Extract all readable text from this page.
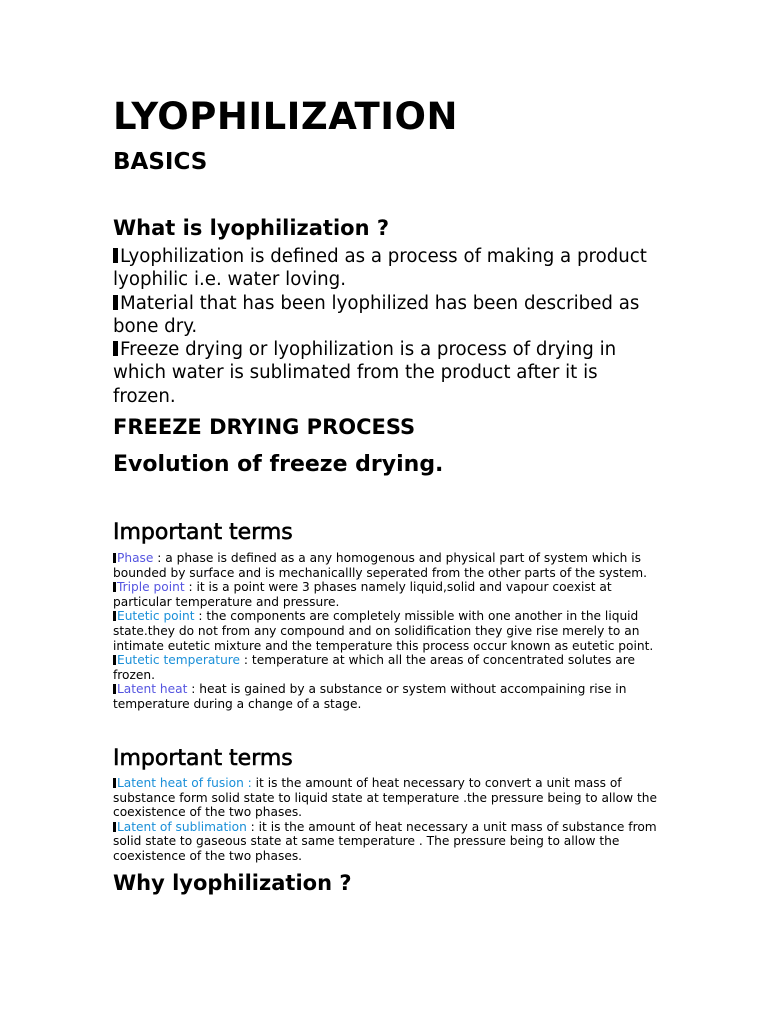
LYOPHILIZATION
BASICS
What is lyophilization ?

Lyophilization is defined as a process of making a product lyophilic i.e. water loving.

Material that has been lyophilized has been described as bone dry.

Freeze drying or lyophilization is a process of drying in which water is sublimated from the product after it is frozen.

FREEZE DRYING PROCESS
Evolution of freeze drying.
Important terms

Phase : a phase is defined as a any homogenous and physical part of system which is bounded by surface and is mechanicallly seperated from the other parts of the system.

Triple point : it is a point were 3 phases namely liquid,solid and vapour coexist at particular temperature and pressure.

Eutetic point : the components are completely missible with one another in the liquid state.they do not from any compound and on solidification they give rise merely to an intimate eutetic mixture and the temperature this process occur known as eutetic point.

Eutetic temperature : temperature at which all the areas of concentrated solutes are frozen.

Latent heat : heat is gained by a substance or system without accompaining rise in temperature during a change of a stage.

Important terms

Latent heat of fusion : it is the amount of heat necessary to convert a unit mass of substance form solid state to liquid state at temperature .the pressure being to allow the coexistence of the two phases.

Latent of sublimation : it is the amount of heat necessary a unit mass of substance from solid state to gaseous state at same temperature . The pressure being to allow the coexistence of the two phases.

Why lyophilization ?
